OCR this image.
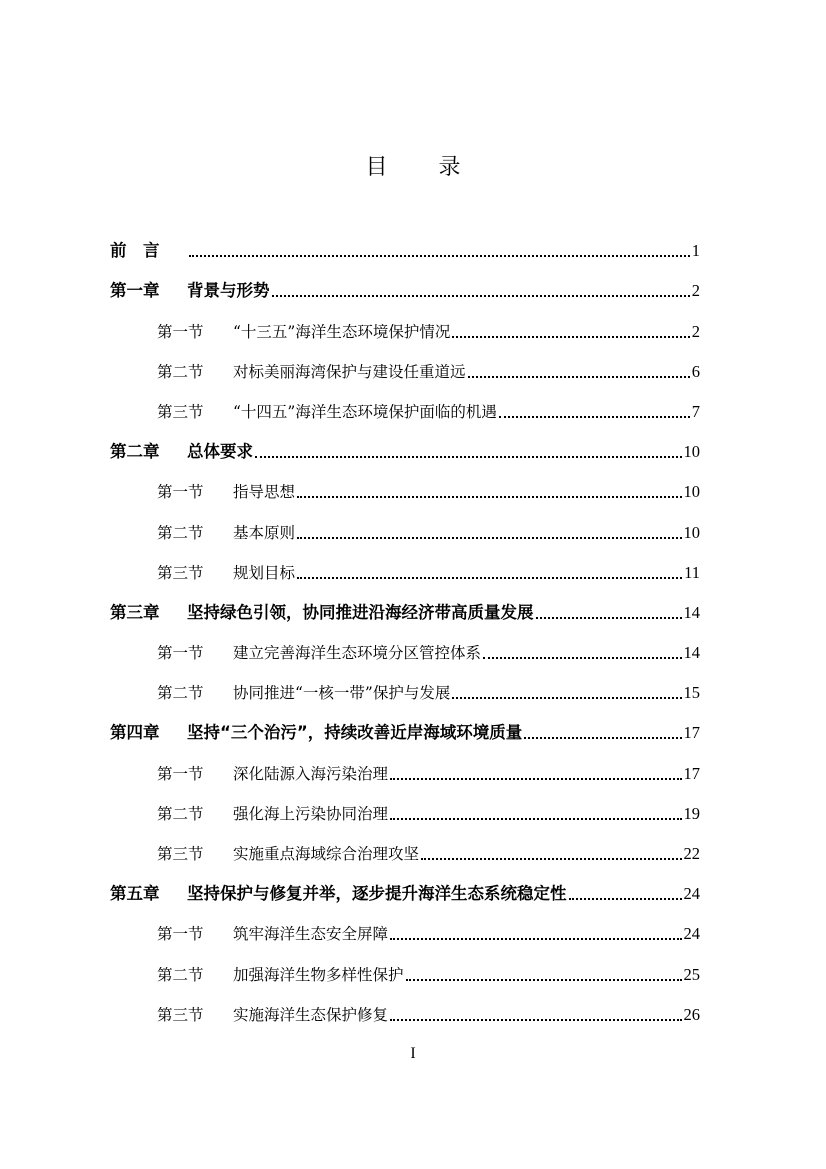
目 录
前　言	1
第一章	背景与形势	2
第一节	“十三五”海洋生态环境保护情况	2
第二节	对标美丽海湾保护与建设任重道远	6
第三节	“十四五”海洋生态环境保护面临的机遇	7
第二章	总体要求	10
第一节	指导思想	10
第二节	基本原则	10
第三节	规划目标	11
第三章	坚持绿色引领，协同推进沿海经济带高质量发展	14
第一节	建立完善海洋生态环境分区管控体系	14
第二节	协同推进“一核一带”保护与发展	15
第四章	坚持“三个治污”，持续改善近岸海域环境质量	17
第一节	深化陆源入海污染治理	17
第二节	强化海上污染协同治理	19
第三节	实施重点海域综合治理攻坚	22
第五章	坚持保护与修复并举，逐步提升海洋生态系统稳定性	24
第一节	筑牢海洋生态安全屏障	24
第二节	加强海洋生物多样性保护	25
第三节	实施海洋生态保护修复	26
I
